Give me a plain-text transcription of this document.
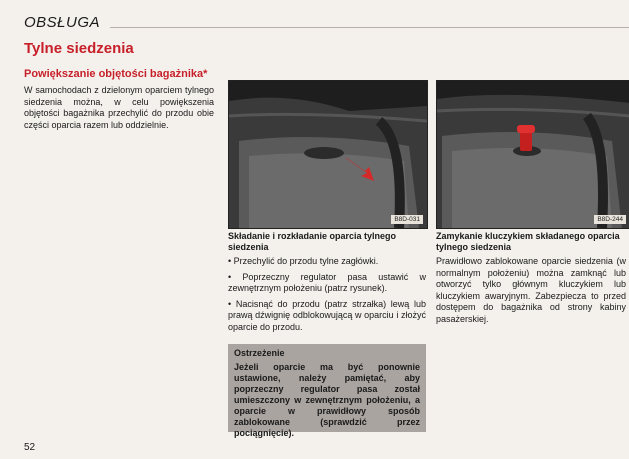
OBSŁUGA
Tylne siedzenia
Powiększanie objętości bagażnika*
W samochodach z dzielonym oparciem tylnego siedzenia można, w celu powiększenia objętości bagażnika przechylić do przodu obie części oparcia razem lub oddzielnie.
B8D-031	B8D-244
Składanie i rozkładanie oparcia tylnego siedzenia

• Przechylić do przodu tylne zagłówki.

• Poprzeczny regulator pasa ustawić w zewnętrznym położeniu (patrz rysunek).

• Nacisnąć do przodu (patrz strzałka) lewą lub prawą dźwignię odblokowującą w oparciu i złożyć oparcie do przodu.

Ostrzeżenie
Jeżeli oparcie ma być ponownie ustawione, należy pamiętać, aby poprzeczny regulator pasa został umieszczony w zewnętrznym położeniu, a oparcie w prawidłowy sposób zablokowane (sprawdzić przez pociągnięcie).
Zamykanie kluczykiem składanego oparcia tylnego siedzenia
Prawidłowo zablokowane oparcie siedzenia (w normalnym położeniu) można zamknąć lub otworzyć tylko głównym kluczykiem lub kluczykiem awaryjnym. Zabezpiecza to przed dostępem do bagażnika od strony kabiny pasażerskiej.
52
